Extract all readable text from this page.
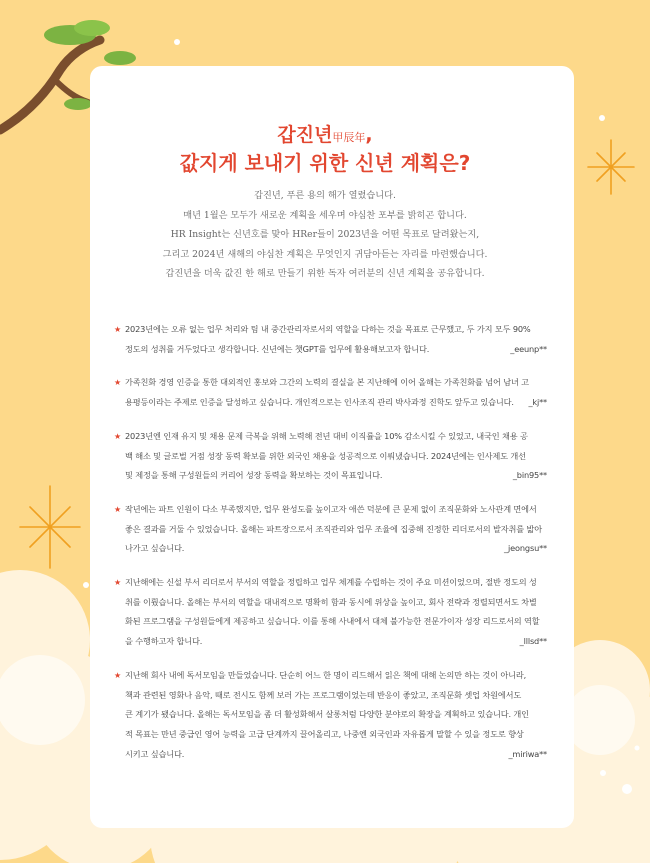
갑진년甲辰年,
값지게 보내기 위한 신년 계획은?

갑진년, 푸른 용의 해가 열렸습니다.
매년 1월은 모두가 새로운 계획을 세우며 야심찬 포부를 밝히곤 합니다.
HR Insight는 신년호를 맞아 HRer들이 2023년을 어떤 목표로 달려왔는지,
그리고 2024년 새해의 야심찬 계획은 무엇인지 귀담아듣는 자리를 마련했습니다.
갑진년을 더욱 값진 한 해로 만들기 위한 독자 여러분의 신년 계획을 공유합니다.

★ 2023년에는 오류 없는 업무 처리와 팀 내 중간관리자로서의 역할을 다하는 것을 목표로 근무했고, 두 가지 모두 90%
정도의 성취를 거두었다고 생각합니다. 신년에는 챗GPT를 업무에 활용해보고자 합니다.	_eeunp**
★ 가족친화 경영 인증을 통한 대외적인 홍보와 그간의 노력의 결실을 본 지난해에 이어 올해는 가족친화를 넘어 남녀 고
용평등이라는 주제로 인증을 달성하고 싶습니다. 개인적으로는 인사조직 관리 박사과정 진학도 앞두고 있습니다.	_kj**
★ 2023년엔 인재 유지 및 채용 문제 극복을 위해 노력해 전년 대비 이직률을 10% 감소시킬 수 있었고, 내국인 채용 공
백 해소 및 글로벌 거점 성장 동력 확보를 위한 외국인 채용을 성공적으로 이뤄냈습니다. 2024년에는 인사제도 개선
및 제정을 통해 구성원들의 커리어 성장 동력을 확보하는 것이 목표입니다.	_bin95**
★ 작년에는 파트 인원이 다소 부족했지만, 업무 완성도를 높이고자 애쓴 덕분에 큰 문제 없이 조직문화와 노사관계 면에서
좋은 결과를 거둘 수 있었습니다. 올해는 파트장으로서 조직관리와 업무 조율에 집중해 진정한 리더로서의 발자취를 밟아
나가고 싶습니다.	_jeongsu**
★ 지난해에는 신설 부서 리더로서 부서의 역할을 정립하고 업무 체계를 수립하는 것이 주요 미션이었으며, 절반 정도의 성
취를 이뤘습니다. 올해는 부서의 역할을 대내적으로 명확히 함과 동시에 위상을 높이고, 회사 전략과 정렬되면서도 차별
화된 프로그램을 구성원들에게 제공하고 싶습니다. 이를 통해 사내에서 대체 불가능한 전문가이자 성장 리드로서의 역할
을 수행하고자 합니다.	_lllsd**
★ 지난해 회사 내에 독서모임을 만들었습니다. 단순히 어느 한 명이 리드해서 읽은 책에 대해 논의만 하는 것이 아니라,
책과 관련된 영화나 음악, 때로 전시도 함께 보러 가는 프로그램이었는데 반응이 좋았고, 조직문화 셋업 차원에서도
큰 계기가 됐습니다. 올해는 독서모임을 좀 더 활성화해서 살롱처럼 다양한 분야로의 확장을 계획하고 있습니다. 개인
적 목표는 만년 중급인 영어 능력을 고급 단계까지 끌어올리고, 나중엔 외국인과 자유롭게 말할 수 있을 정도로 향상
시키고 싶습니다.	_miriwa**
